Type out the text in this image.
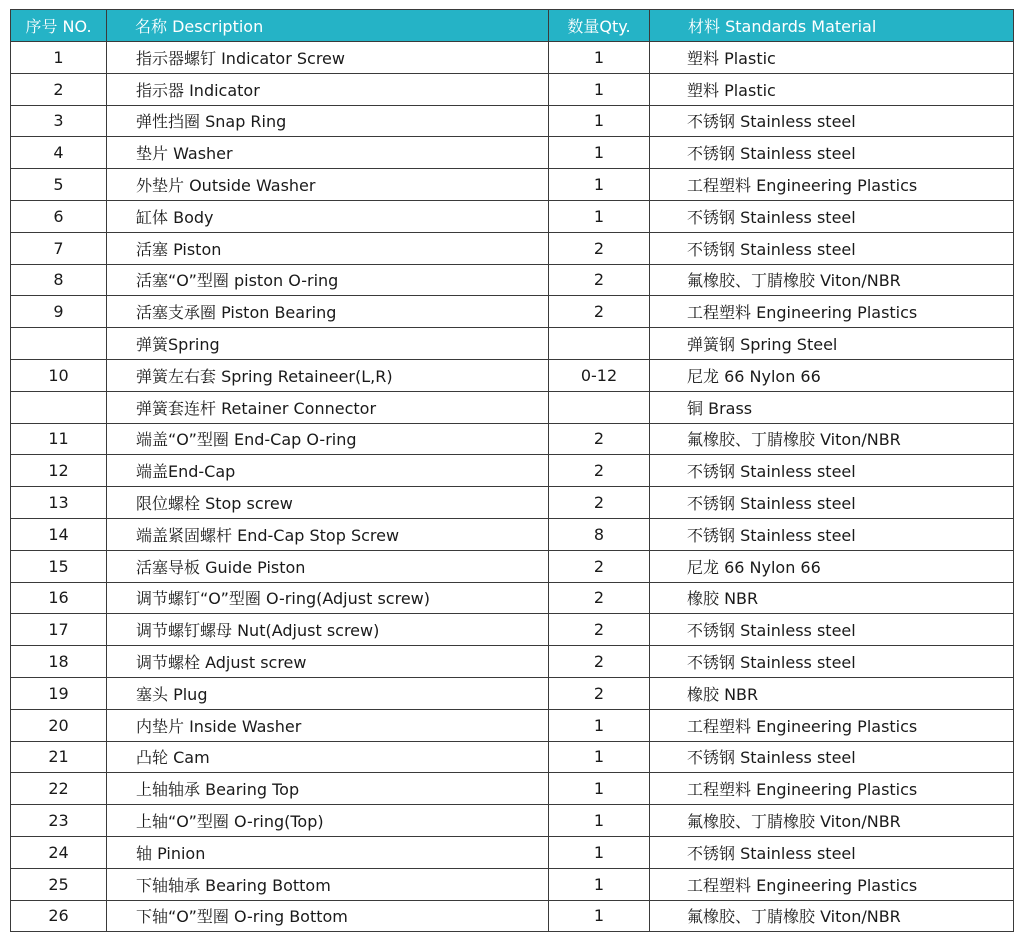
序号 NO.	名称 Description	数量Qty.	材料 Standards Material
1	指示器螺钉 Indicator Screw	1	塑料 Plastic
2	指示器 Indicator	1	塑料 Plastic
3	弹性挡圈 Snap Ring	1	不锈钢 Stainless steel
4	垫片 Washer	1	不锈钢 Stainless steel
5	外垫片 Outside Washer	1	工程塑料 Engineering Plastics
6	缸体 Body	1	不锈钢 Stainless steel
7	活塞 Piston	2	不锈钢 Stainless steel
8	活塞“O”型圈 piston O-ring	2	氟橡胶、丁腈橡胶 Viton/NBR
9	活塞支承圈 Piston Bearing	2	工程塑料 Engineering Plastics
	弹簧Spring		弹簧钢 Spring Steel
10	弹簧左右套 Spring Retaineer(L,R)	0-12	尼龙 66 Nylon 66
	弹簧套连杆 Retainer Connector		铜 Brass
11	端盖“O”型圈 End-Cap O-ring	2	氟橡胶、丁腈橡胶 Viton/NBR
12	端盖End-Cap	2	不锈钢 Stainless steel
13	限位螺栓 Stop screw	2	不锈钢 Stainless steel
14	端盖紧固螺杆 End-Cap Stop Screw	8	不锈钢 Stainless steel
15	活塞导板 Guide Piston	2	尼龙 66 Nylon 66
16	调节螺钉“O”型圈 O-ring(Adjust screw)	2	橡胶 NBR
17	调节螺钉螺母 Nut(Adjust screw)	2	不锈钢 Stainless steel
18	调节螺栓 Adjust screw	2	不锈钢 Stainless steel
19	塞头 Plug	2	橡胶 NBR
20	内垫片 Inside Washer	1	工程塑料 Engineering Plastics
21	凸轮 Cam	1	不锈钢 Stainless steel
22	上轴轴承 Bearing Top	1	工程塑料 Engineering Plastics
23	上轴“O”型圈 O-ring(Top)	1	氟橡胶、丁腈橡胶 Viton/NBR
24	轴 Pinion	1	不锈钢 Stainless steel
25	下轴轴承 Bearing Bottom	1	工程塑料 Engineering Plastics
26	下轴“O”型圈 O-ring Bottom	1	氟橡胶、丁腈橡胶 Viton/NBR
